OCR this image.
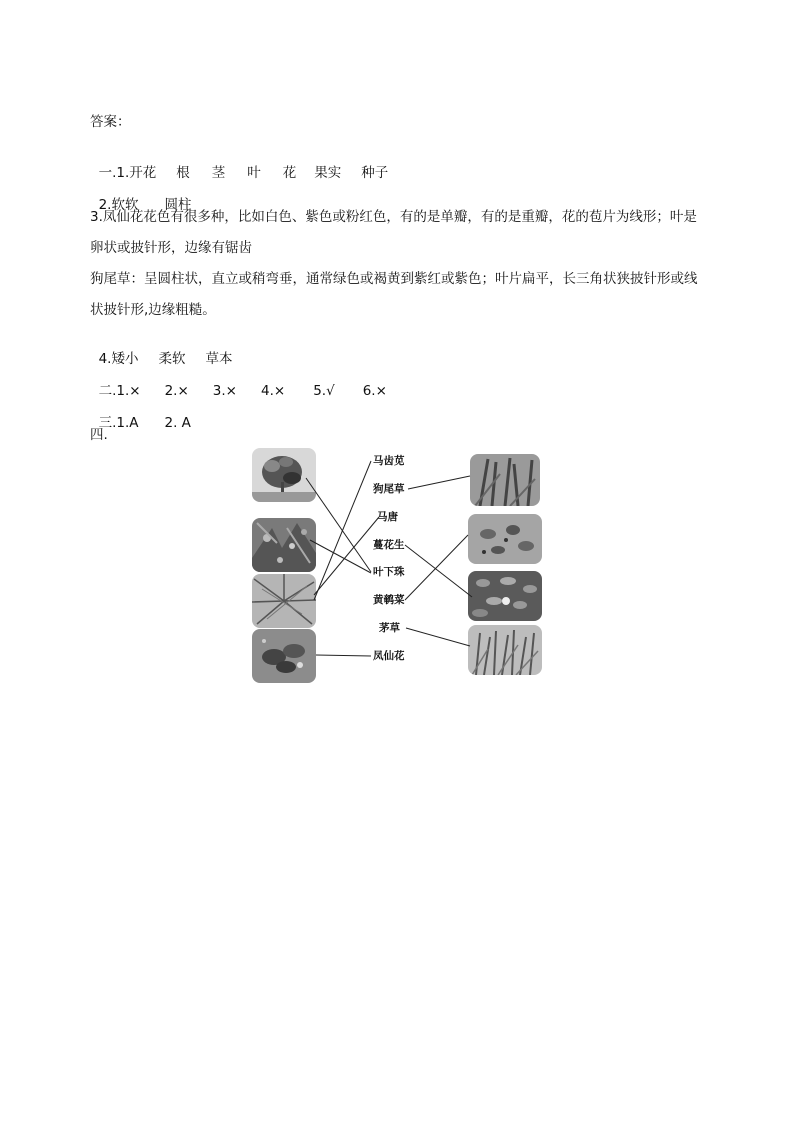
答案：

一.1.开花 根 茎 叶 花 果实 种子

2.软软 圆柱

3.凤仙花花色有很多种，比如白色、紫色或粉红色，有的是单瓣，有的是重瓣，花的苞片为线形；叶是卵状或披针形，边缘有锯齿
狗尾草：呈圆柱状，直立或稍弯垂，通常绿色或褐黄到紫红或紫色；叶片扁平，长三角状狭披针形或线状披针形,边缘粗糙。

4.矮小 柔软 草本

二.1.× 2.× 3.× 4.× 5.√ 6.×

三.1.A 2. A

四.
马齿苋
狗尾草
马唐
蔓花生
叶下珠
黄鹌菜
茅草
凤仙花
